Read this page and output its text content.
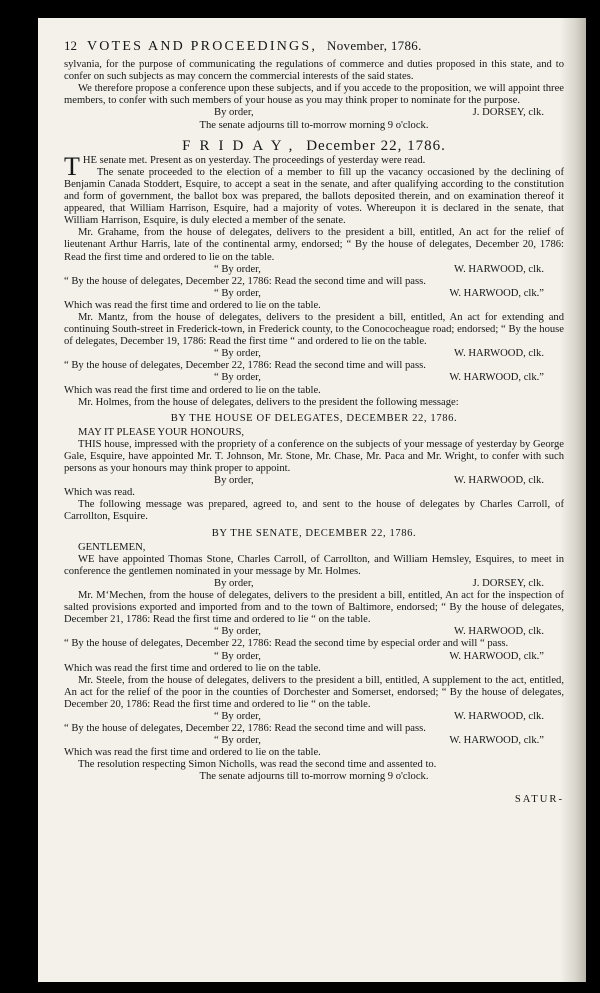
12 VOTES AND PROCEEDINGS, November, 1786.

sylvania, for the purpose of communicating the regulations of commerce and duties proposed in this state, and to confer on such subjects as may concern the commercial interests of the said states.

We therefore propose a conference upon these subjects, and if you accede to the proposition, we will appoint three members, to confer with such members of your house as you may think proper to nominate for the purpose.

By order,	J. DORSEY, clk.

The senate adjourns till to-morrow morning 9 o'clock.

FRIDAY, December 22, 1786.

THE senate met. Present as on yesterday. The proceedings of yesterday were read.

The senate proceeded to the election of a member to fill up the vacancy occasioned by the declining of Benjamin Canada Stoddert, Esquire, to accept a seat in the senate, and after qualifying according to the constitution and form of government, the ballot box was prepared, the ballots deposited therein, and on examination thereof it appeared, that William Harrison, Esquire, had a majority of votes. Whereupon it is declared in the senate, that William Harrison, Esquire, is duly elected a member of the senate.

Mr. Grahame, from the house of delegates, delivers to the president a bill, entitled, An act for the relief of lieutenant Arthur Harris, late of the continental army, endorsed; “ By the house of delegates, December 20, 1786: Read the first time and ordered to lie on the table.

“ By order,	W. HARWOOD, clk.

“ By the house of delegates, December 22, 1786: Read the second time and will pass.

“ By order,	W. HARWOOD, clk.”

Which was read the first time and ordered to lie on the table.

Mr. Mantz, from the house of delegates, delivers to the president a bill, entitled, An act for extending and continuing South-street in Frederick-town, in Frederick county, to the Conococheague road; endorsed; “ By the house of delegates, December 19, 1786: Read the first time “ and ordered to lie on the table.

“ By order,	W. HARWOOD, clk.

“ By the house of delegates, December 22, 1786: Read the second time and will pass.

“ By order,	W. HARWOOD, clk.”

Which was read the first time and ordered to lie on the table.

Mr. Holmes, from the house of delegates, delivers to the president the following message:

BY THE HOUSE OF DELEGATES, DECEMBER 22, 1786.

MAY IT PLEASE YOUR HONOURS,

THIS house, impressed with the propriety of a conference on the subjects of your message of yesterday by George Gale, Esquire, have appointed Mr. T. Johnson, Mr. Stone, Mr. Chase, Mr. Paca and Mr. Wright, to confer with such persons as your honours may think proper to appoint.

By order,	W. HARWOOD, clk.

Which was read.

The following message was prepared, agreed to, and sent to the house of delegates by Charles Carroll, of Carrollton, Esquire.

BY THE SENATE, DECEMBER 22, 1786.

GENTLEMEN,

WE have appointed Thomas Stone, Charles Carroll, of Carrollton, and William Hemsley, Esquires, to meet in conference the gentlemen nominated in your message by Mr. Holmes.

By order,	J. DORSEY, clk.

Mr. M‘Mechen, from the house of delegates, delivers to the president a bill, entitled, An act for the inspection of salted provisions exported and imported from and to the town of Baltimore, endorsed; “ By the house of delegates, December 21, 1786: Read the first time and ordered to lie “ on the table.

“ By order,	W. HARWOOD, clk.

“ By the house of delegates, December 22, 1786: Read the second time by especial order and will “ pass.

“ By order,	W. HARWOOD, clk.”

Which was read the first time and ordered to lie on the table.

Mr. Steele, from the house of delegates, delivers to the president a bill, entitled, A supplement to the act, entitled, An act for the relief of the poor in the counties of Dorchester and Somerset, endorsed; “ By the house of delegates, December 20, 1786: Read the first time and ordered to lie “ on the table.

“ By order,	W. HARWOOD, clk.

“ By the house of delegates, December 22, 1786: Read the second time and will pass.

“ By order,	W. HARWOOD, clk.”

Which was read the first time and ordered to lie on the table.

The resolution respecting Simon Nicholls, was read the second time and assented to.

The senate adjourns till to-morrow morning 9 o'clock.

SATUR-
